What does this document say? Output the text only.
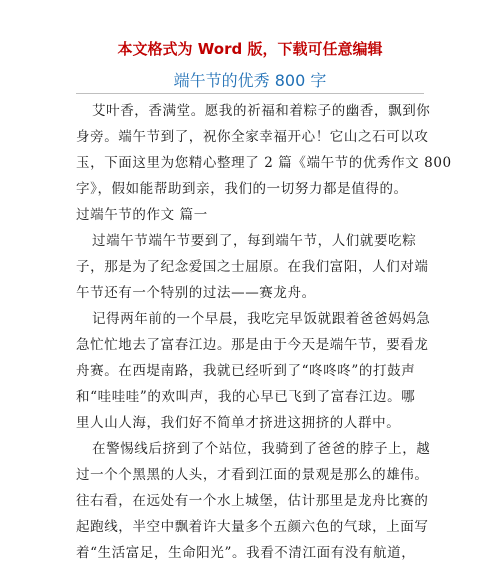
本文格式为 Word 版，下载可任意编辑
端午节的优秀 800 字
艾叶香，香满堂。愿我的祈福和着粽子的幽香，飘到你
身旁。端午节到了，祝你全家幸福开心！它山之石可以攻
玉，下面这里为您精心整理了 2 篇《端午节的优秀作文 800
字》，假如能帮助到亲，我们的一切努力都是值得的。
过端午节的作文 篇一
过端午节端午节要到了，每到端午节，人们就要吃粽
子，那是为了纪念爱国之士屈原。在我们富阳，人们对端
午节还有一个特别的过法——赛龙舟。
记得两年前的一个早晨，我吃完早饭就跟着爸爸妈妈急
急忙忙地去了富春江边。那是由于今天是端午节，要看龙
舟赛。在西堤南路，我就已经听到了“咚咚咚”的打鼓声
和“哇哇哇”的欢叫声，我的心早已飞到了富春江边。哪
里人山人海，我们好不简单才挤进这拥挤的人群中。
在警惕线后挤到了个站位，我骑到了爸爸的脖子上，越
过一个个黑黑的人头，才看到江面的景观是那么的雄伟。
往右看，在远处有一个水上城堡，估计那里是龙舟比赛的
起跑线，半空中飘着许大量多个五颜六色的气球，上面写
着“生活富足，生命阳光”。我看不清江面有没有航道，
